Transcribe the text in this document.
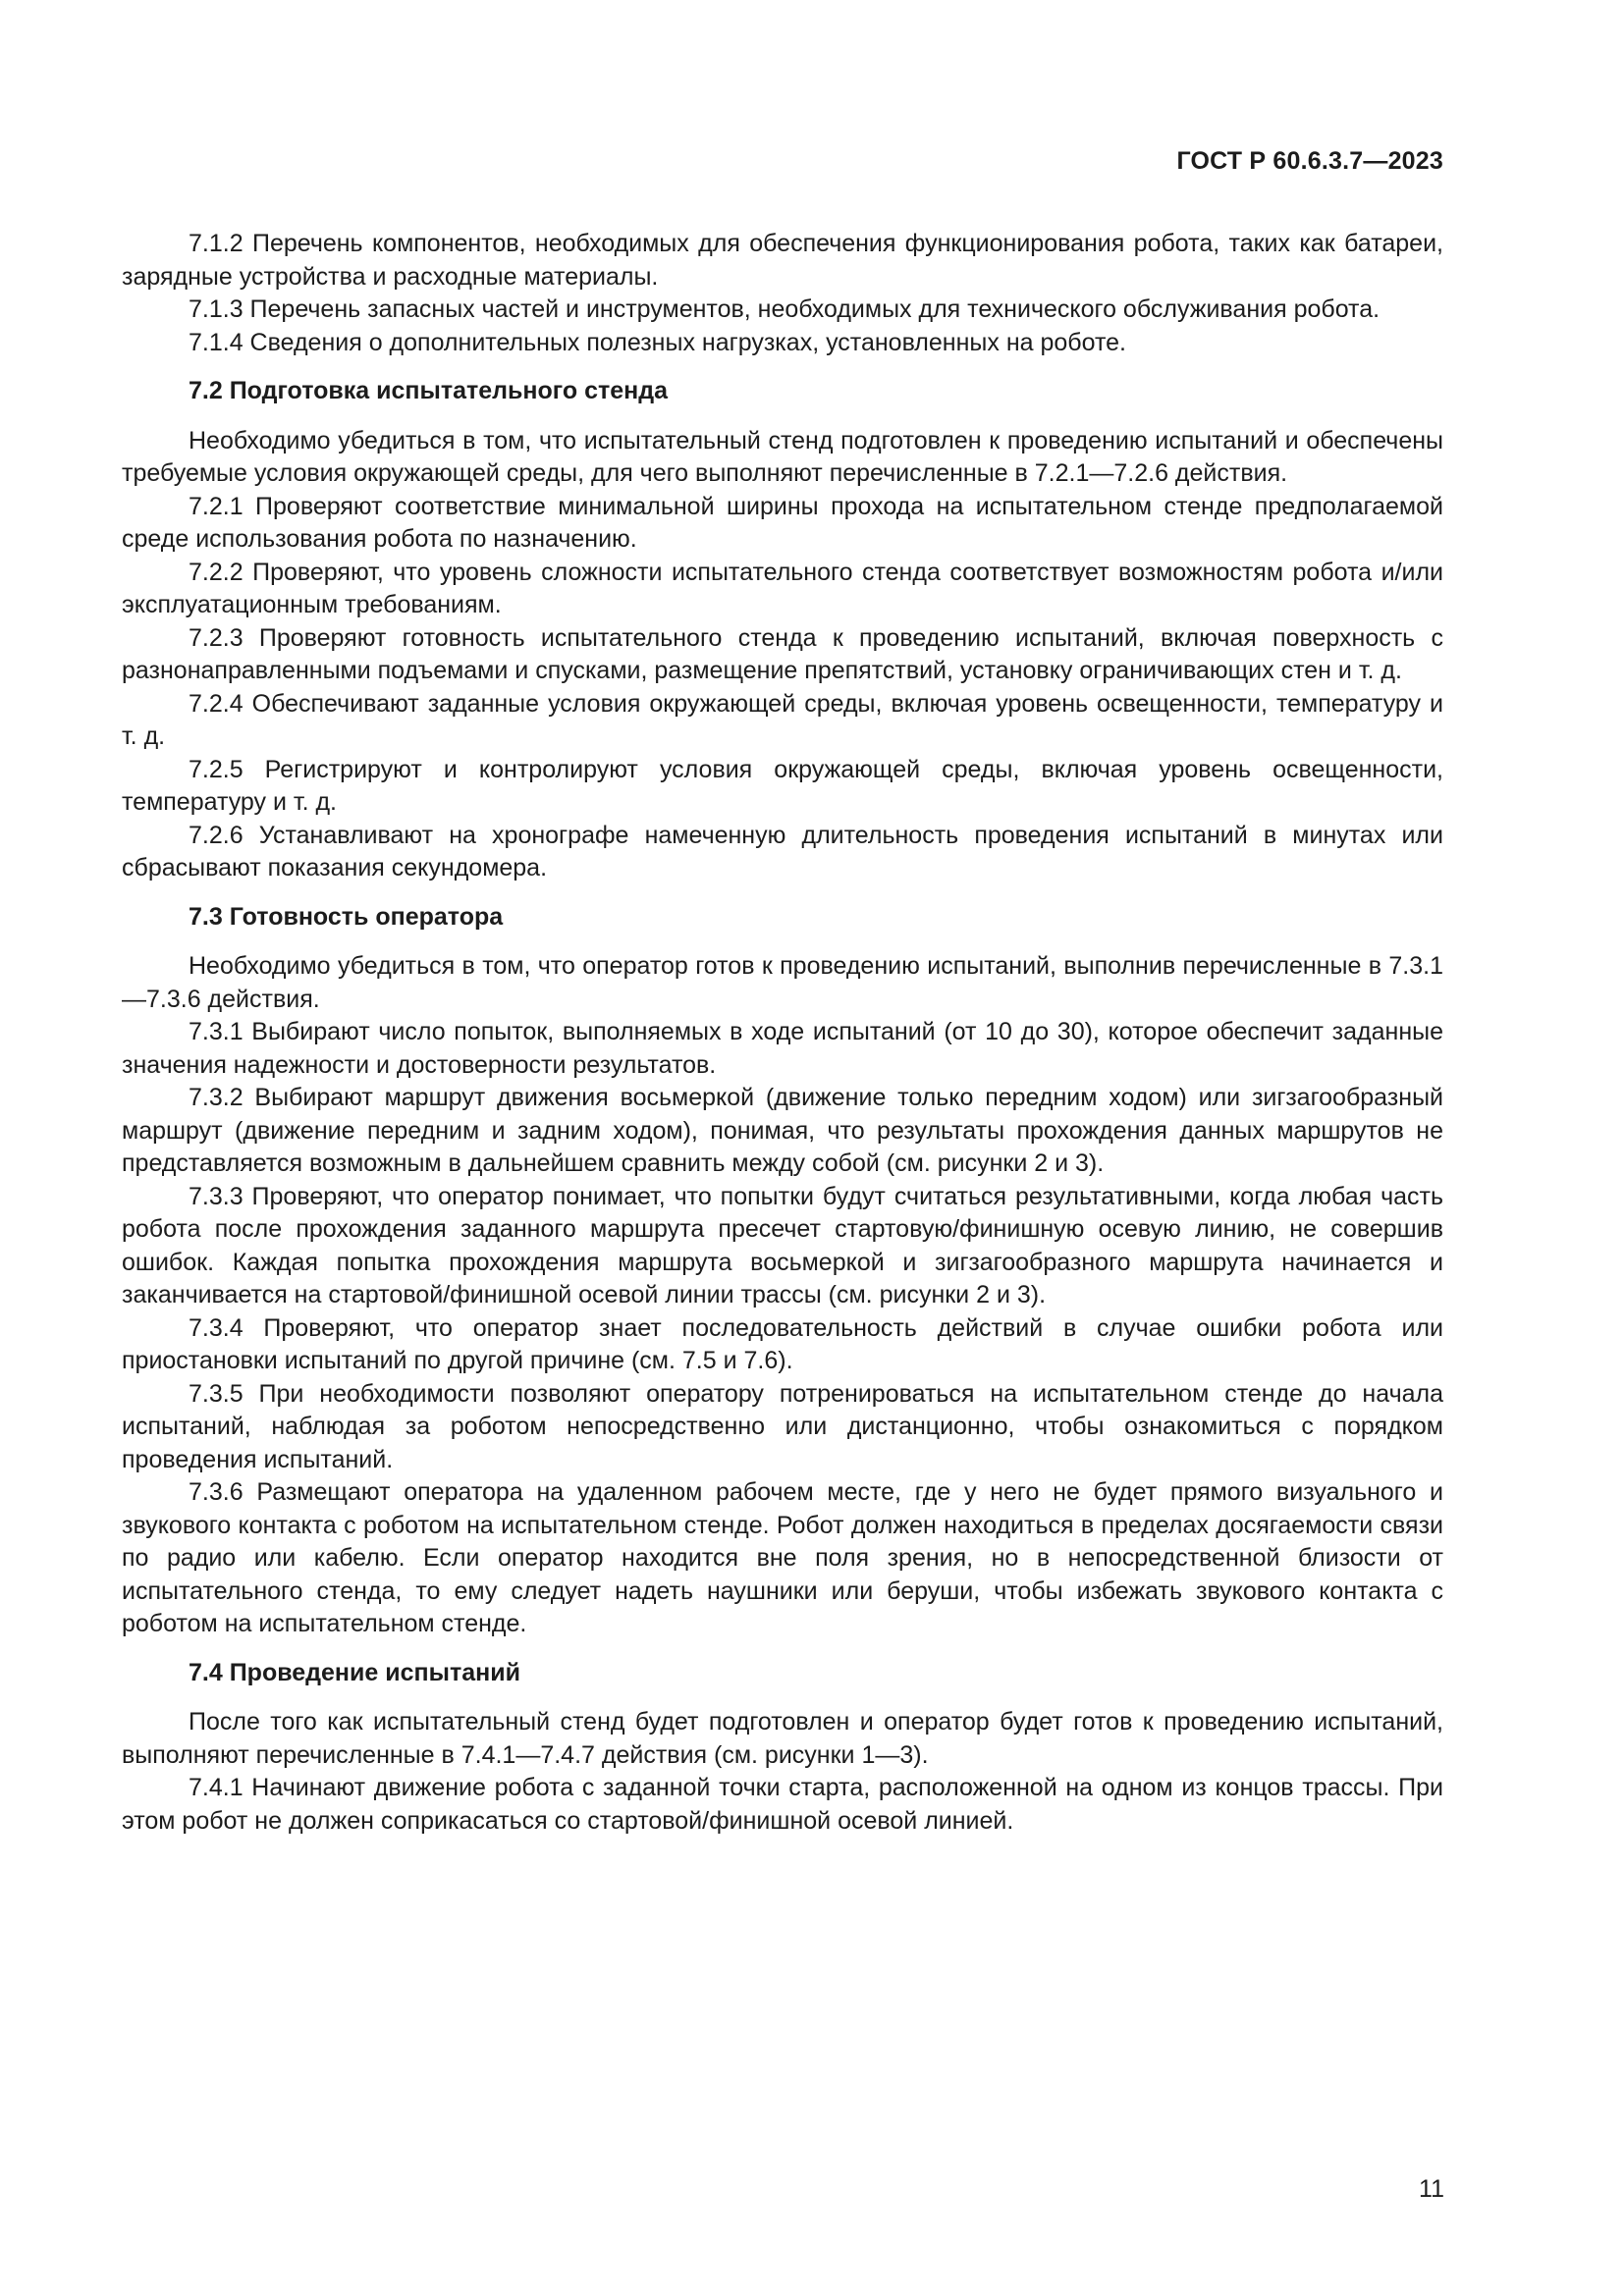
ГОСТ Р 60.6.3.7—2023

7.1.2 Перечень компонентов, необходимых для обеспечения функционирования робота, таких как батареи, зарядные устройства и расходные материалы.

7.1.3 Перечень запасных частей и инструментов, необходимых для технического обслуживания робота.

7.1.4 Сведения о дополнительных полезных нагрузках, установленных на роботе.

7.2 Подготовка испытательного стенда

Необходимо убедиться в том, что испытательный стенд подготовлен к проведению испытаний и обеспечены требуемые условия окружающей среды, для чего выполняют перечисленные в 7.2.1—7.2.6 действия.

7.2.1 Проверяют соответствие минимальной ширины прохода на испытательном стенде предполагаемой среде использования робота по назначению.

7.2.2 Проверяют, что уровень сложности испытательного стенда соответствует возможностям робота и/или эксплуатационным требованиям.

7.2.3 Проверяют готовность испытательного стенда к проведению испытаний, включая поверхность с разнонаправленными подъемами и спусками, размещение препятствий, установку ограничивающих стен и т. д.

7.2.4 Обеспечивают заданные условия окружающей среды, включая уровень освещенности, температуру и т. д.

7.2.5 Регистрируют и контролируют условия окружающей среды, включая уровень освещенности, температуру и т. д.

7.2.6 Устанавливают на хронографе намеченную длительность проведения испытаний в минутах или сбрасывают показания секундомера.

7.3 Готовность оператора

Необходимо убедиться в том, что оператор готов к проведению испытаний, выполнив перечисленные в 7.3.1—7.3.6 действия.

7.3.1 Выбирают число попыток, выполняемых в ходе испытаний (от 10 до 30), которое обеспечит заданные значения надежности и достоверности результатов.

7.3.2 Выбирают маршрут движения восьмеркой (движение только передним ходом) или зигзагообразный маршрут (движение передним и задним ходом), понимая, что результаты прохождения данных маршрутов не представляется возможным в дальнейшем сравнить между собой (см. рисунки 2 и 3).

7.3.3 Проверяют, что оператор понимает, что попытки будут считаться результативными, когда любая часть робота после прохождения заданного маршрута пресечет стартовую/финишную осевую линию, не совершив ошибок. Каждая попытка прохождения маршрута восьмеркой и зигзагообразного маршрута начинается и заканчивается на стартовой/финишной осевой линии трассы (см. рисунки 2 и 3).

7.3.4 Проверяют, что оператор знает последовательность действий в случае ошибки робота или приостановки испытаний по другой причине (см. 7.5 и 7.6).

7.3.5 При необходимости позволяют оператору потренироваться на испытательном стенде до начала испытаний, наблюдая за роботом непосредственно или дистанционно, чтобы ознакомиться с порядком проведения испытаний.

7.3.6 Размещают оператора на удаленном рабочем месте, где у него не будет прямого визуального и звукового контакта с роботом на испытательном стенде. Робот должен находиться в пределах досягаемости связи по радио или кабелю. Если оператор находится вне поля зрения, но в непосредственной близости от испытательного стенда, то ему следует надеть наушники или беруши, чтобы избежать звукового контакта с роботом на испытательном стенде.

7.4 Проведение испытаний

После того как испытательный стенд будет подготовлен и оператор будет готов к проведению испытаний, выполняют перечисленные в 7.4.1—7.4.7 действия (см. рисунки 1—3).

7.4.1 Начинают движение робота с заданной точки старта, расположенной на одном из концов трассы. При этом робот не должен соприкасаться со стартовой/финишной осевой линией.

11
